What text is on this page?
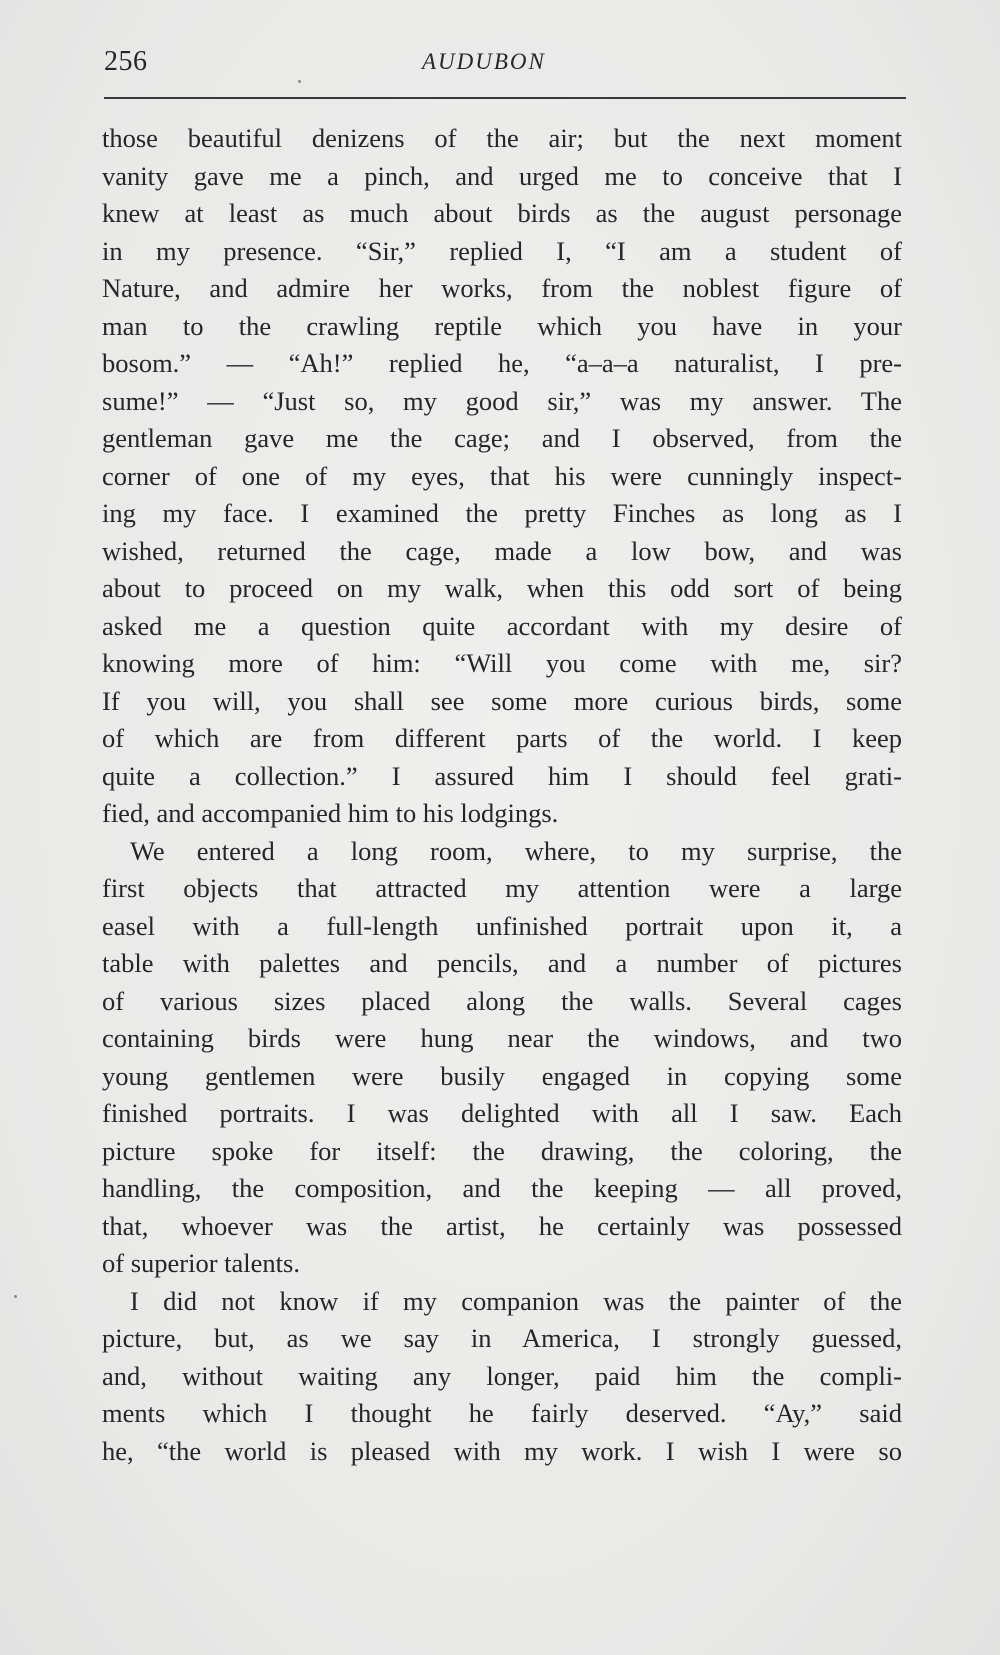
256	AUDUBON
those beautiful denizens of the air; but the next moment
vanity gave me a pinch, and urged me to conceive that I
knew at least as much about birds as the august personage
in my presence. “Sir,” replied I, “I am a student of
Nature, and admire her works, from the noblest figure of
man to the crawling reptile which you have in your
bosom.” — “Ah!” replied he, “a–a–a naturalist, I pre-
sume!” — “Just so, my good sir,” was my answer. The
gentleman gave me the cage; and I observed, from the
corner of one of my eyes, that his were cunningly inspect-
ing my face. I examined the pretty Finches as long as I
wished, returned the cage, made a low bow, and was
about to proceed on my walk, when this odd sort of being
asked me a question quite accordant with my desire of
knowing more of him: “Will you come with me, sir?
If you will, you shall see some more curious birds, some
of which are from different parts of the world. I keep
quite a collection.” I assured him I should feel grati-
fied, and accompanied him to his lodgings.
We entered a long room, where, to my surprise, the
first objects that attracted my attention were a large
easel with a full-length unfinished portrait upon it, a
table with palettes and pencils, and a number of pictures
of various sizes placed along the walls. Several cages
containing birds were hung near the windows, and two
young gentlemen were busily engaged in copying some
finished portraits. I was delighted with all I saw. Each
picture spoke for itself: the drawing, the coloring, the
handling, the composition, and the keeping — all proved,
that, whoever was the artist, he certainly was possessed
of superior talents.
I did not know if my companion was the painter of the
picture, but, as we say in America, I strongly guessed,
and, without waiting any longer, paid him the compli-
ments which I thought he fairly deserved. “Ay,” said
he, “the world is pleased with my work. I wish I were so
